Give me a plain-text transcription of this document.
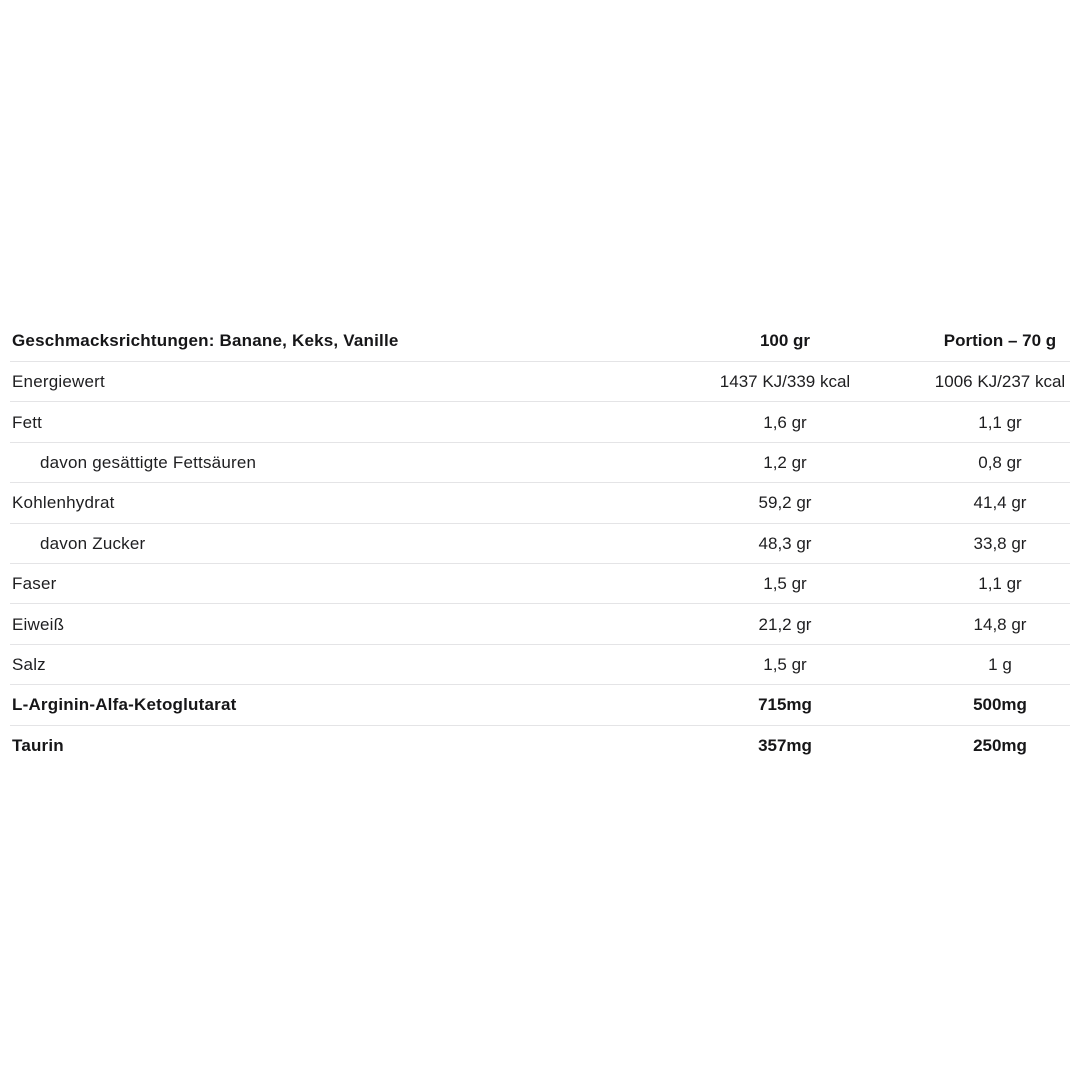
Geschmacksrichtungen: Banane, Keks, Vanille	100 gr	Portion – 70 g
Energiewert	1437 KJ/339 kcal	1006 KJ/237 kcal
Fett	1,6 gr	1,1 gr
davon gesättigte Fettsäuren	1,2 gr	0,8 gr
Kohlenhydrat	59,2 gr	41,4 gr
davon Zucker	48,3 gr	33,8 gr
Faser	1,5 gr	1,1 gr
Eiweiß	21,2 gr	14,8 gr
Salz	1,5 gr	1 g
L-Arginin-Alfa-Ketoglutarat	715mg	500mg
Taurin	357mg	250mg
